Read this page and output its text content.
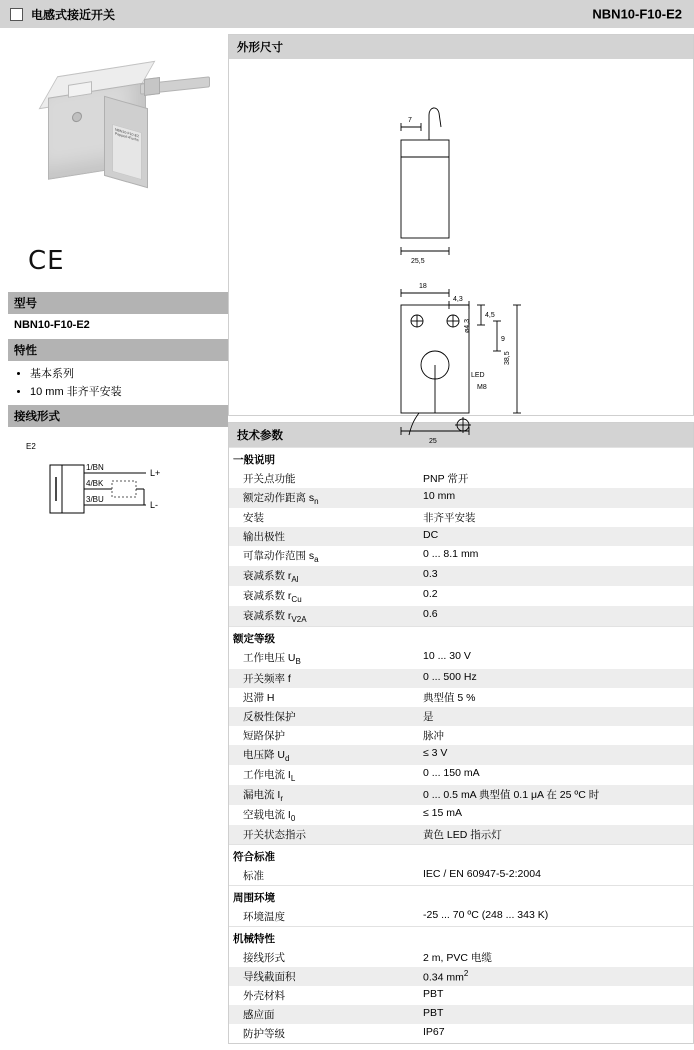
电感式接近开关	NBN10-F10-E2
NBN10-F10-E2 Pepperl+Fuchs
CE
型号
NBN10-F10-E2
特性
• 基本系列
• 10 mm 非齐平安装
接线形式
E2
1/BN
4/BK
3/BU
L+
L-
外形尺寸
7
25,5
18
4,3
4,5
9
38,5
25
LED
M8
ø4,3
技术参数
一般说明	
开关点功能	PNP 常开
额定动作距离 $s_n$	10 mm
安装	非齐平安装
输出极性	DC
可靠动作范围 $s_a$	0 ... 8.1 mm
衰减系数 $r_{Al}$	0.3
衰减系数 $r_{Cu}$	0.2
衰减系数 $r_{V2A}$	0.6
额定等级	
工作电压 $U_B$	10 ... 30 V
开关频率 f	0 ... 500 Hz
迟滞 H	典型值 5 %
反极性保护	是
短路保护	脉冲
电压降 $U_d$	≤ 3 V
工作电流 $I_L$	0 ... 150 mA
漏电流 $I_r$	0 ... 0.5 mA 典型值 0.1 μA 在 25 ºC 时
空载电流 $I_0$	≤ 15 mA
开关状态指示	黄色 LED 指示灯
符合标准	
标准	IEC / EN 60947-5-2:2004
周围环境	
环境温度	-25 ... 70 ºC (248 ... 343 K)
机械特性	
接线形式	2 m, PVC 电缆
导线截面积	0.34 $mm^2$
外壳材料	PBT
感应面	PBT
防护等级	IP67
